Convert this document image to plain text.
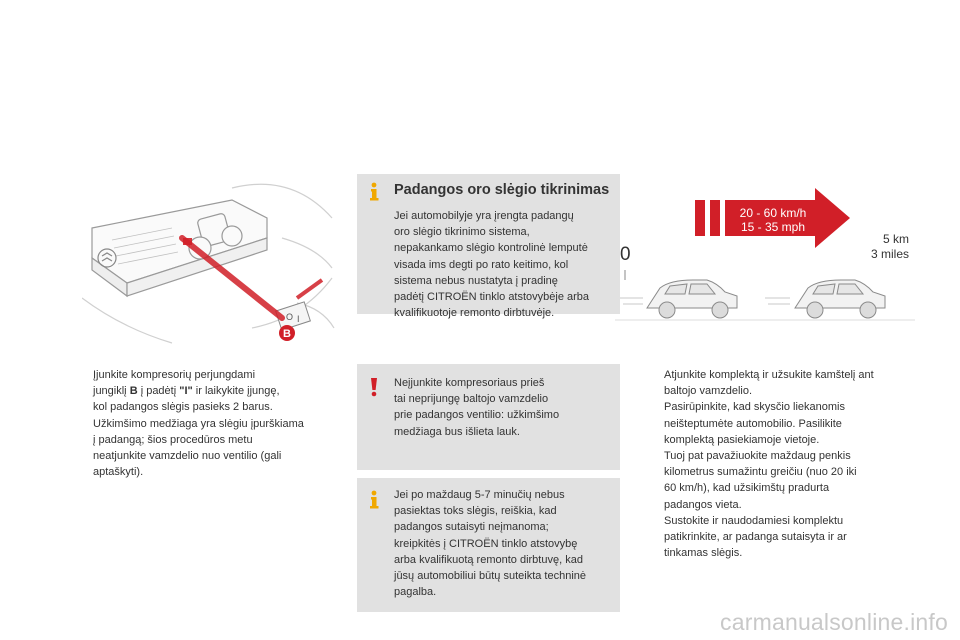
O I
B
20 - 60 km/h
15 - 35 mph
0
5 km
3 miles
Padangos oro slėgio tikrinimas
Jei automobilyje yra įrengta padangų
oro slėgio tikrinimo sistema,
nepakankamo slėgio kontrolinė lemputė
visada ims degti po rato keitimo, kol
sistema nebus nustatyta į pradinę
padėtį CITROËN tinklo atstovybėje arba
kvalifikuotoje remonto dirbtuvėje.
Neįjunkite kompresoriaus prieš
tai neprijungę baltojo vamzdelio
prie padangos ventilio: užkimšimo
medžiaga bus išlieta lauk.
Jei po maždaug 5-7 minučių nebus
pasiektas toks slėgis, reiškia, kad
padangos sutaisyti neįmanoma;
kreipkitės į CITROËN tinklo atstovybę
arba kvalifikuotą remonto dirbtuvę, kad
jūsų automobiliui būtų suteikta techninė
pagalba.
Įjunkite kompresorių perjungdami
jungiklį B į padėtį "I" ir laikykite įjungę,
kol padangos slėgis pasieks 2 barus.
Užkimšimo medžiaga yra slėgiu įpurškiama
į padangą; šios procedūros metu
neatjunkite vamzdelio nuo ventilio (gali
aptaškyti).
Atjunkite komplektą ir užsukite kamštelį ant
baltojo vamzdelio.
Pasirūpinkite, kad skysčio liekanomis
neišteptumėte automobilio. Pasilikite
komplektą pasiekiamoje vietoje.
Tuoj pat pavažiuokite maždaug penkis
kilometrus sumažintu greičiu (nuo 20 iki
60 km/h), kad užsikimštų pradurta
padangos vieta.
Sustokite ir naudodamiesi komplektu
patikrinkite, ar padanga sutaisyta ir ar
tinkamas slėgis.
carmanualsonline.info
